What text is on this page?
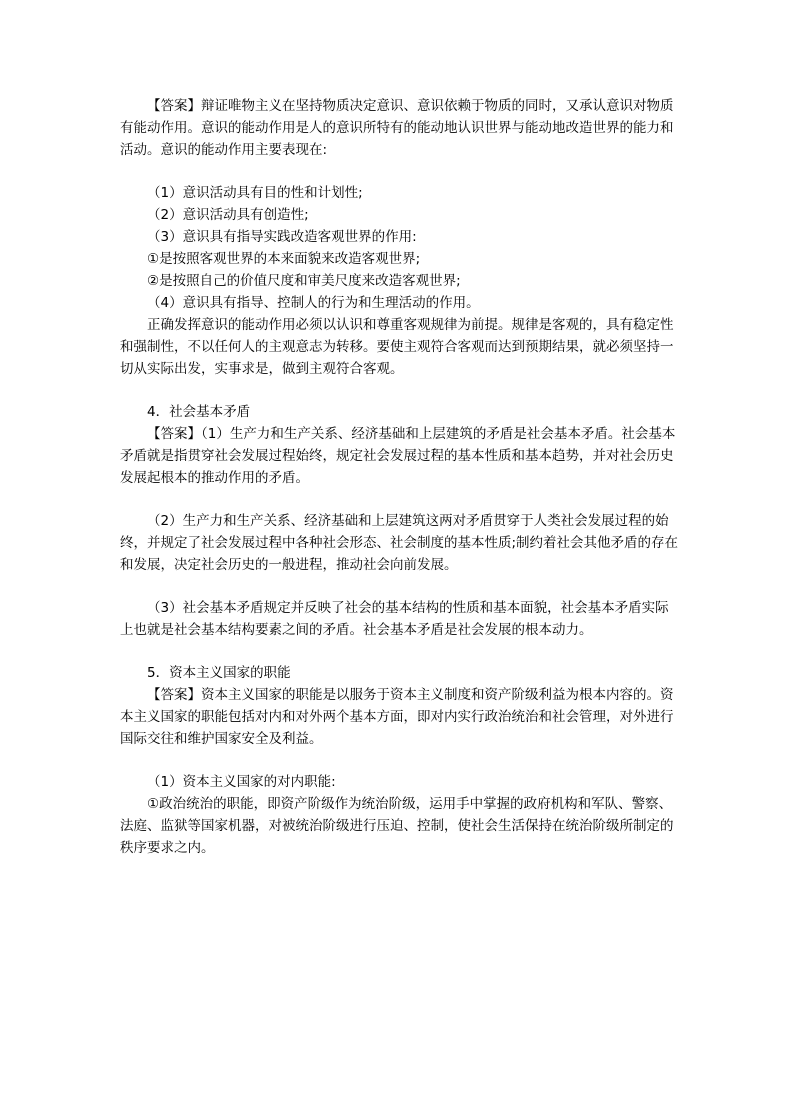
【答案】辩证唯物主义在坚持物质决定意识、意识依赖于物质的同时，又承认意识对物质有能动作用。意识的能动作用是人的意识所特有的能动地认识世界与能动地改造世界的能力和活动。意识的能动作用主要表现在:

（1）意识活动具有目的性和计划性;

（2）意识活动具有创造性;

（3）意识具有指导实践改造客观世界的作用:

①是按照客观世界的本来面貌来改造客观世界;

②是按照自己的价值尺度和审美尺度来改造客观世界;

（4）意识具有指导、控制人的行为和生理活动的作用。

正确发挥意识的能动作用必须以认识和尊重客观规律为前提。规律是客观的，具有稳定性和强制性，不以任何人的主观意志为转移。要使主观符合客观而达到预期结果，就必须坚持一切从实际出发，实事求是，做到主观符合客观。

4．社会基本矛盾

【答案】（1）生产力和生产关系、经济基础和上层建筑的矛盾是社会基本矛盾。社会基本矛盾就是指贯穿社会发展过程始终，规定社会发展过程的基本性质和基本趋势，并对社会历史发展起根本的推动作用的矛盾。

（2）生产力和生产关系、经济基础和上层建筑这两对矛盾贯穿于人类社会发展过程的始终，并规定了社会发展过程中各种社会形态、社会制度的基本性质;制约着社会其他矛盾的存在和发展，决定社会历史的一般进程，推动社会向前发展。

（3）社会基本矛盾规定并反映了社会的基本结构的性质和基本面貌，社会基本矛盾实际上也就是社会基本结构要素之间的矛盾。社会基本矛盾是社会发展的根本动力。

5．资本主义国家的职能

【答案】资本主义国家的职能是以服务于资本主义制度和资产阶级利益为根本内容的。资本主义国家的职能包括对内和对外两个基本方面，即对内实行政治统治和社会管理，对外进行国际交往和维护国家安全及利益。

（1）资本主义国家的对内职能:

①政治统治的职能，即资产阶级作为统治阶级，运用手中掌握的政府机构和军队、警察、法庭、监狱等国家机器，对被统治阶级进行压迫、控制，使社会生活保持在统治阶级所制定的秩序要求之内。
